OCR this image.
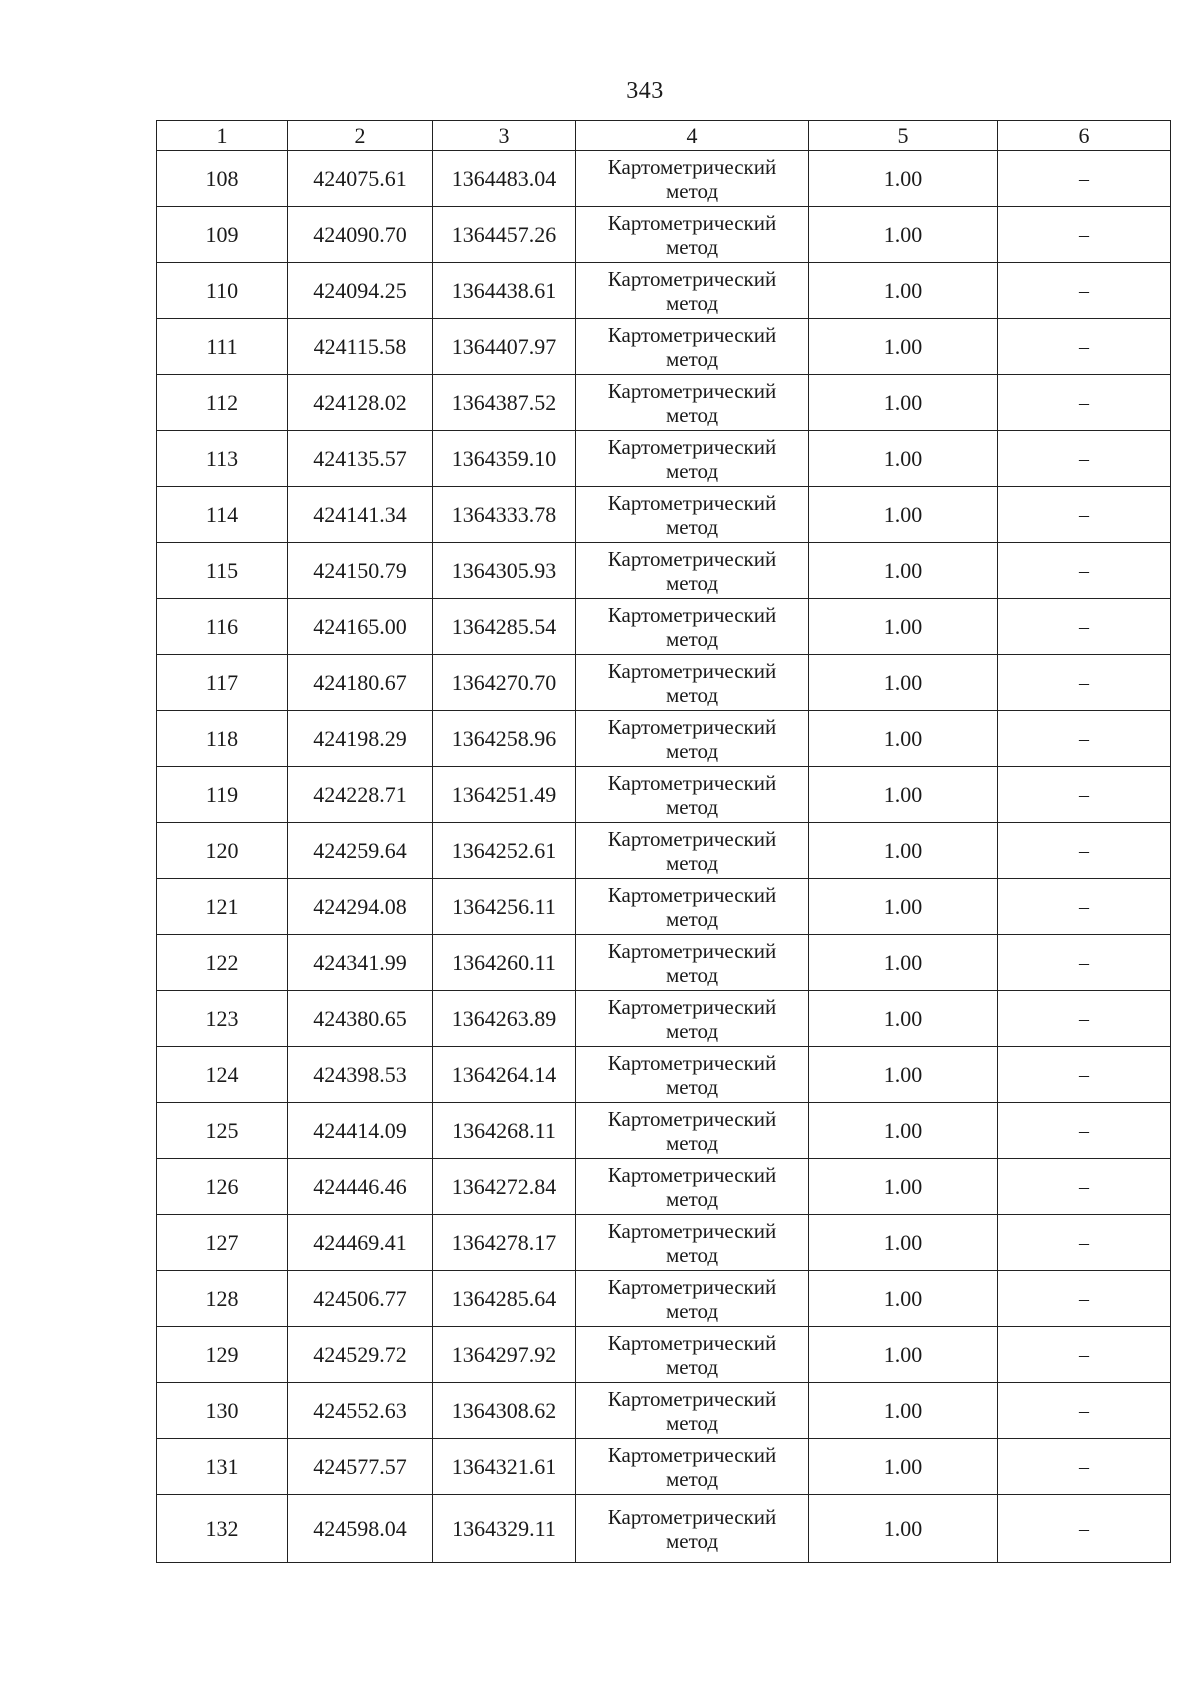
343
1	2	3	4	5	6
108	424075.61	1364483.04	Картометрический
метод	1.00	–
109	424090.70	1364457.26	Картометрический
метод	1.00	–
110	424094.25	1364438.61	Картометрический
метод	1.00	–
111	424115.58	1364407.97	Картометрический
метод	1.00	–
112	424128.02	1364387.52	Картометрический
метод	1.00	–
113	424135.57	1364359.10	Картометрический
метод	1.00	–
114	424141.34	1364333.78	Картометрический
метод	1.00	–
115	424150.79	1364305.93	Картометрический
метод	1.00	–
116	424165.00	1364285.54	Картометрический
метод	1.00	–
117	424180.67	1364270.70	Картометрический
метод	1.00	–
118	424198.29	1364258.96	Картометрический
метод	1.00	–
119	424228.71	1364251.49	Картометрический
метод	1.00	–
120	424259.64	1364252.61	Картометрический
метод	1.00	–
121	424294.08	1364256.11	Картометрический
метод	1.00	–
122	424341.99	1364260.11	Картометрический
метод	1.00	–
123	424380.65	1364263.89	Картометрический
метод	1.00	–
124	424398.53	1364264.14	Картометрический
метод	1.00	–
125	424414.09	1364268.11	Картометрический
метод	1.00	–
126	424446.46	1364272.84	Картометрический
метод	1.00	–
127	424469.41	1364278.17	Картометрический
метод	1.00	–
128	424506.77	1364285.64	Картометрический
метод	1.00	–
129	424529.72	1364297.92	Картометрический
метод	1.00	–
130	424552.63	1364308.62	Картометрический
метод	1.00	–
131	424577.57	1364321.61	Картометрический
метод	1.00	–
132	424598.04	1364329.11	Картометрический
метод	1.00	–
